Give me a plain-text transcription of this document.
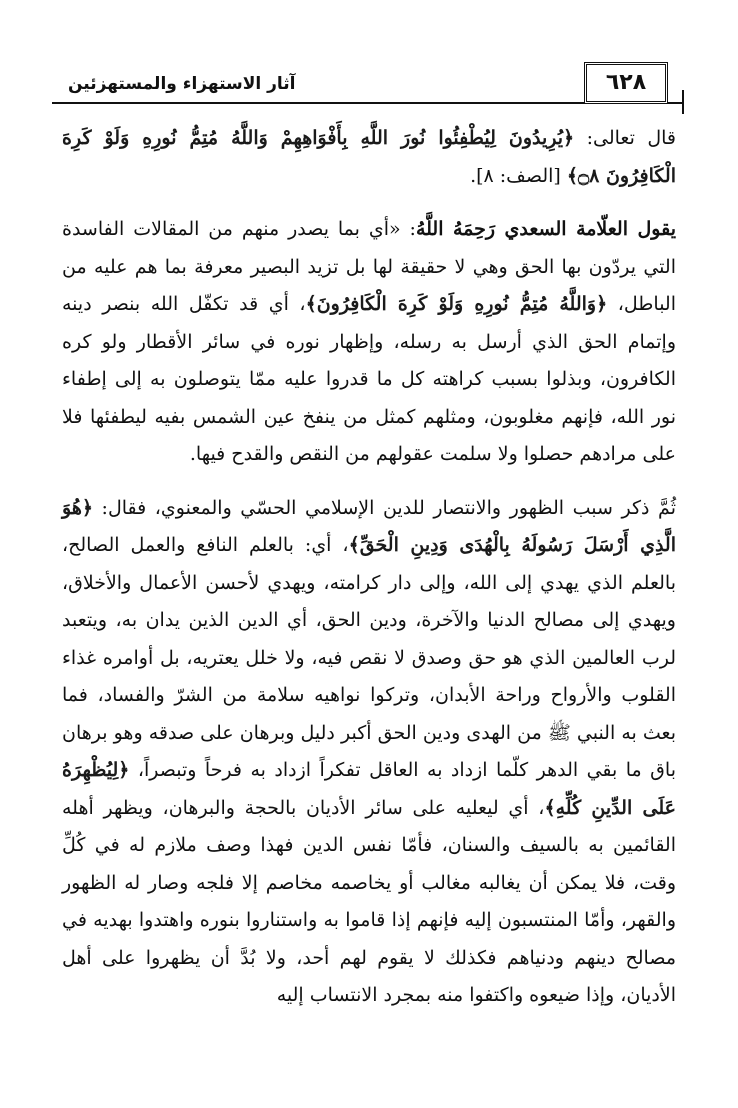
آثار الاستهزاء والمستهزئين	٦٢٨

قال تعالى: ﴿يُرِيدُونَ لِيُطْفِئُوا نُورَ اللَّهِ بِأَفْوَاهِهِمْ وَاللَّهُ مُتِمُّ نُورِهِ وَلَوْ كَرِهَ الْكَافِرُونَ ۝٨﴾ [الصف: ٨].

يقول العلّامة السعدي رَحِمَهُ اللَّهُ: «أي بما يصدر منهم من المقالات الفاسدة التي يردّون بها الحق وهي لا حقيقة لها بل تزيد البصير معرفة بما هم عليه من الباطل، ﴿وَاللَّهُ مُتِمُّ نُورِهِ وَلَوْ كَرِهَ الْكَافِرُونَ﴾، أي قد تكفّل الله بنصر دينه وإتمام الحق الذي أرسل به رسله، وإظهار نوره في سائر الأقطار ولو كره الكافرون، وبذلوا بسبب كراهته كل ما قدروا عليه ممّا يتوصلون به إلى إطفاء نور الله، فإنهم مغلوبون، ومثلهم كمثل من ينفخ عين الشمس بفيه ليطفئها فلا على مرادهم حصلوا ولا سلمت عقولهم من النقص والقدح فيها.

ثُمَّ ذكر سبب الظهور والانتصار للدين الإسلامي الحسّي والمعنوي، فقال: ﴿هُوَ الَّذِي أَرْسَلَ رَسُولَهُ بِالْهُدَى وَدِينِ الْحَقِّ﴾، أي: بالعلم النافع والعمل الصالح، بالعلم الذي يهدي إلى الله، وإلى دار كرامته، ويهدي لأحسن الأعمال والأخلاق، ويهدي إلى مصالح الدنيا والآخرة، ودين الحق، أي الدين الذين يدان به، ويتعبد لرب العالمين الذي هو حق وصدق لا نقص فيه، ولا خلل يعتريه، بل أوامره غذاء القلوب والأرواح وراحة الأبدان، وتركوا نواهيه سلامة من الشرّ والفساد، فما بعث به النبي ﷺ من الهدى ودين الحق أكبر دليل وبرهان على صدقه وهو برهان باق ما بقي الدهر كلّما ازداد به العاقل تفكراً ازداد به فرحاً وتبصراً، ﴿لِيُظْهِرَهُ عَلَى الدِّينِ كُلِّهِ﴾، أي ليعليه على سائر الأديان بالحجة والبرهان، ويظهر أهله القائمين به بالسيف والسنان، فأمّا نفس الدين فهذا وصف ملازم له في كُلِّ وقت، فلا يمكن أن يغالبه مغالب أو يخاصمه مخاصم إلا فلجه وصار له الظهور والقهر، وأمّا المنتسبون إليه فإنهم إذا قاموا به واستناروا بنوره واهتدوا بهديه في مصالح دينهم ودنياهم فكذلك لا يقوم لهم أحد، ولا بُدَّ أن يظهروا على أهل الأديان، وإذا ضيعوه واكتفوا منه بمجرد الانتساب إليه
